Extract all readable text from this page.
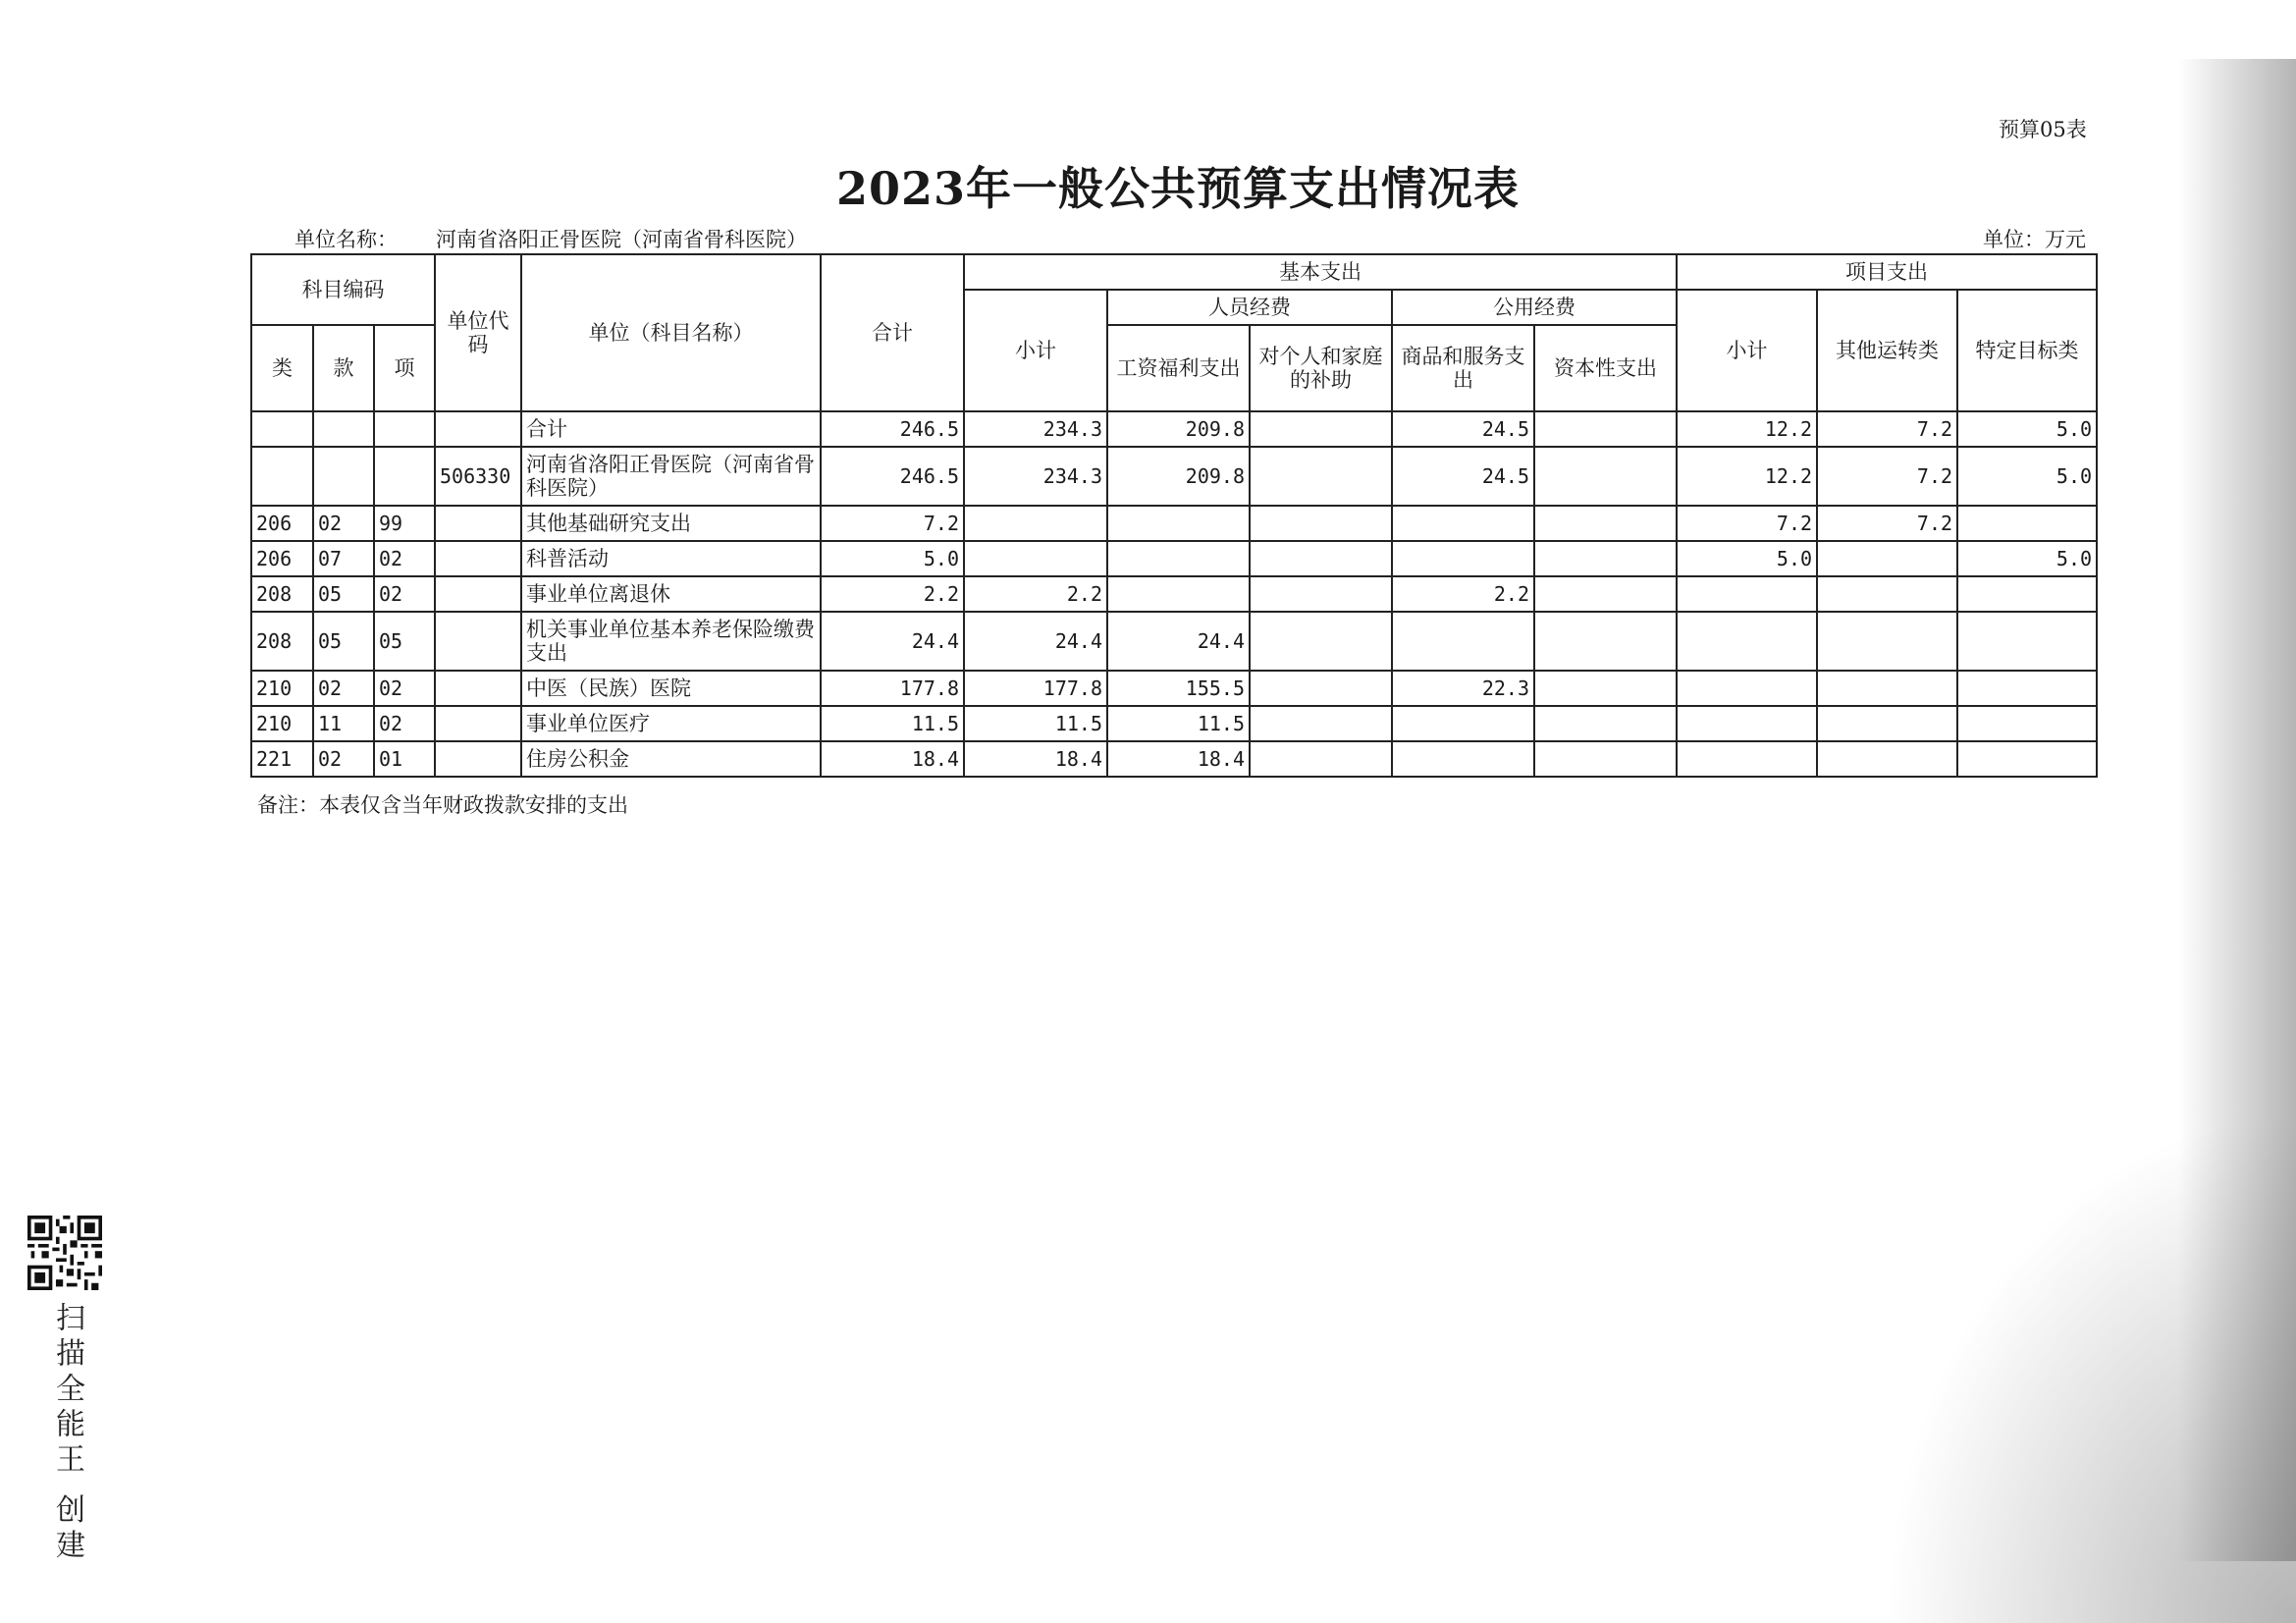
预算05表
2023年一般公共预算支出情况表
单位名称： 河南省洛阳正骨医院（河南省骨科医院）	单位：万元
科目编码			单位代码	单位（科目名称）	合计	基本支出					项目支出		
						小计	人员经费		公用经费		小计	其他运转类	特定目标类
类	款	项					工资福利支出	对个人和家庭的补助	商品和服务支出	资本性支出			
				合计	246.5	234.3	209.8		24.5		12.2	7.2	5.0
			506330	河南省洛阳正骨医院（河南省骨科医院）	246.5	234.3	209.8		24.5		12.2	7.2	5.0
206	02	99		其他基础研究支出	7.2						7.2	7.2	
206	07	02		科普活动	5.0						5.0		5.0
208	05	02		事业单位离退休	2.2	2.2			2.2				
208	05	05		机关事业单位基本养老保险缴费支出	24.4	24.4	24.4						
210	02	02		中医（民族）医院	177.8	177.8	155.5		22.3				
210	11	02		事业单位医疗	11.5	11.5	11.5						
221	02	01		住房公积金	18.4	18.4	18.4						
备注：本表仅含当年财政拨款安排的支出
扫描全能王 创建
